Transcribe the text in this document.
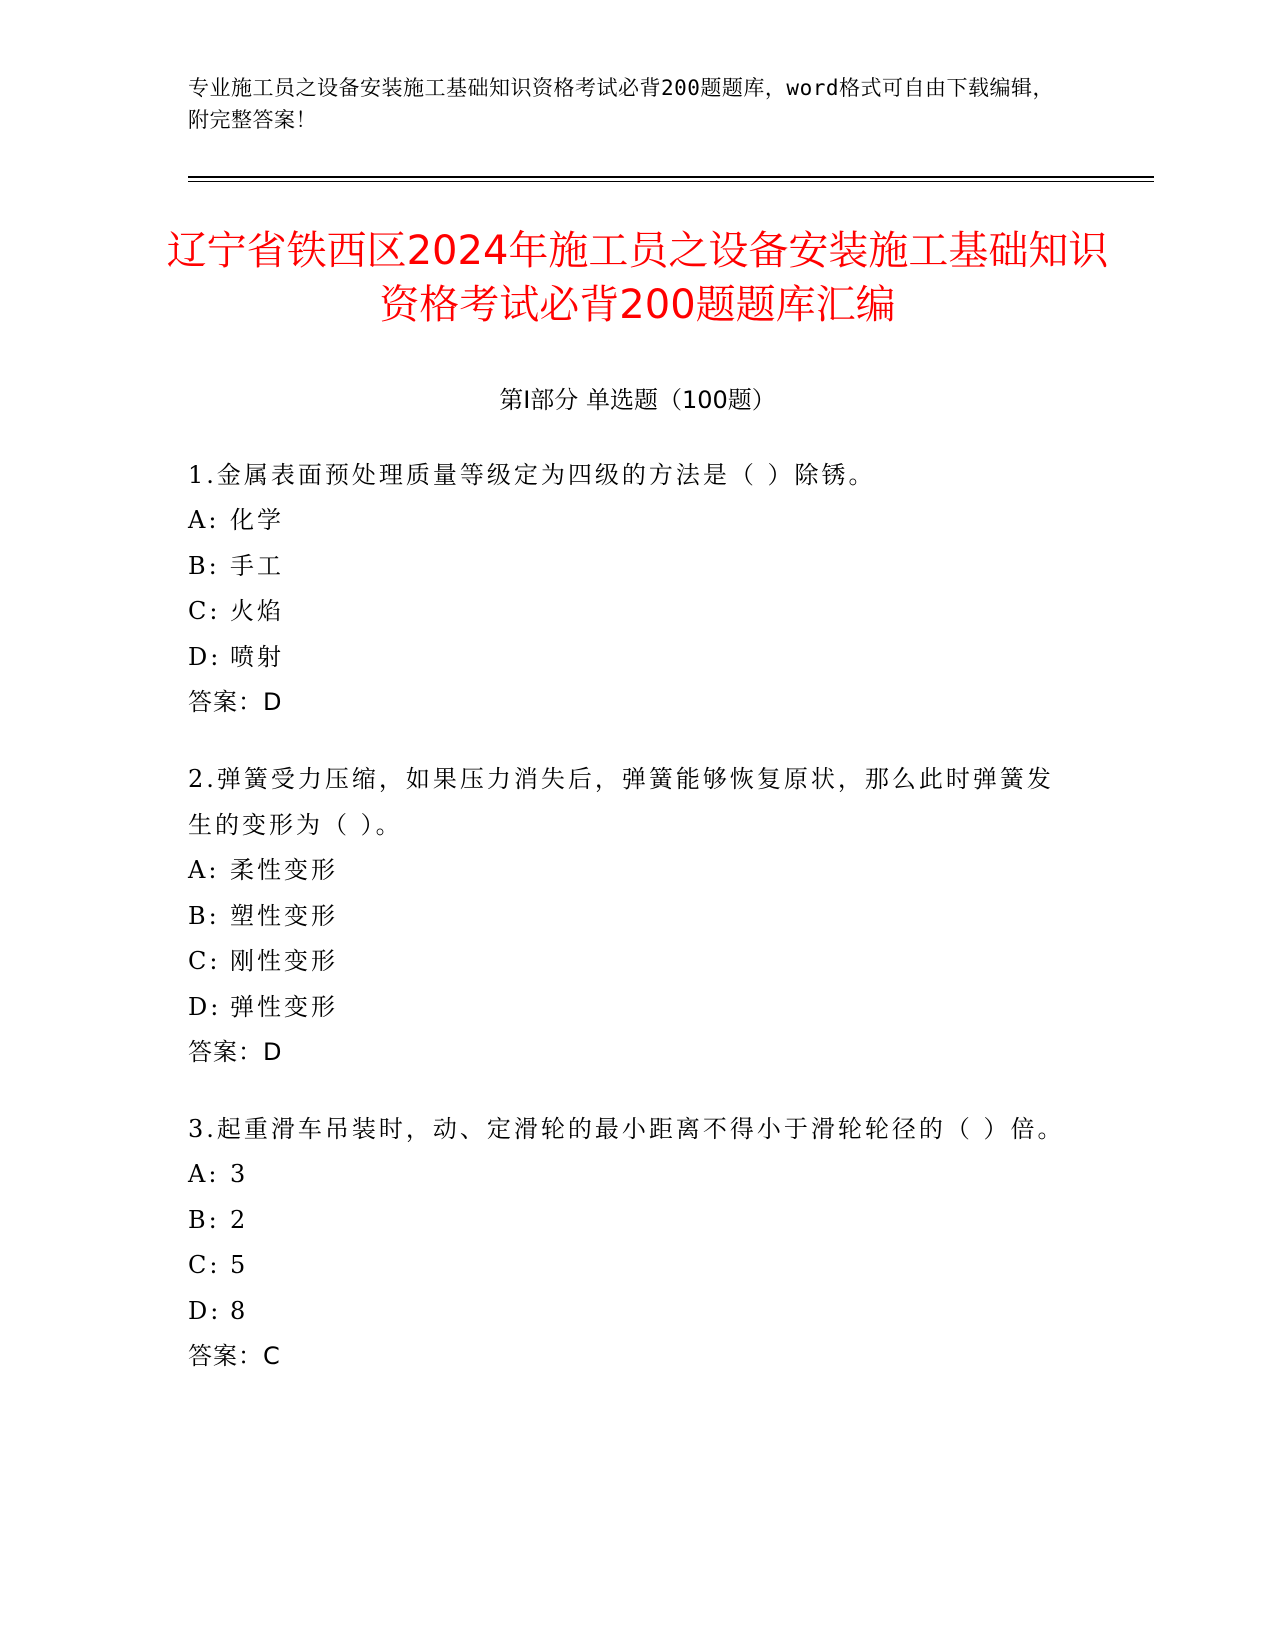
专业施工员之设备安装施工基础知识资格考试必背200题题库，word格式可自由下载编辑，附完整答案！
辽宁省铁西区2024年施工员之设备安装施工基础知识资格考试必背200题题库汇编
第I部分 单选题（100题）

1.金属表面预处理质量等级定为四级的方法是（ ）除锈。

A: 化学

B: 手工

C: 火焰

D: 喷射

答案：D

2.弹簧受力压缩，如果压力消失后，弹簧能够恢复原状，那么此时弹簧发生的变形为（ ）。

A: 柔性变形

B: 塑性变形

C: 刚性变形

D: 弹性变形

答案：D

3.起重滑车吊装时，动、定滑轮的最小距离不得小于滑轮轮径的（ ）倍。

A: 3

B: 2

C: 5

D: 8

答案：C
